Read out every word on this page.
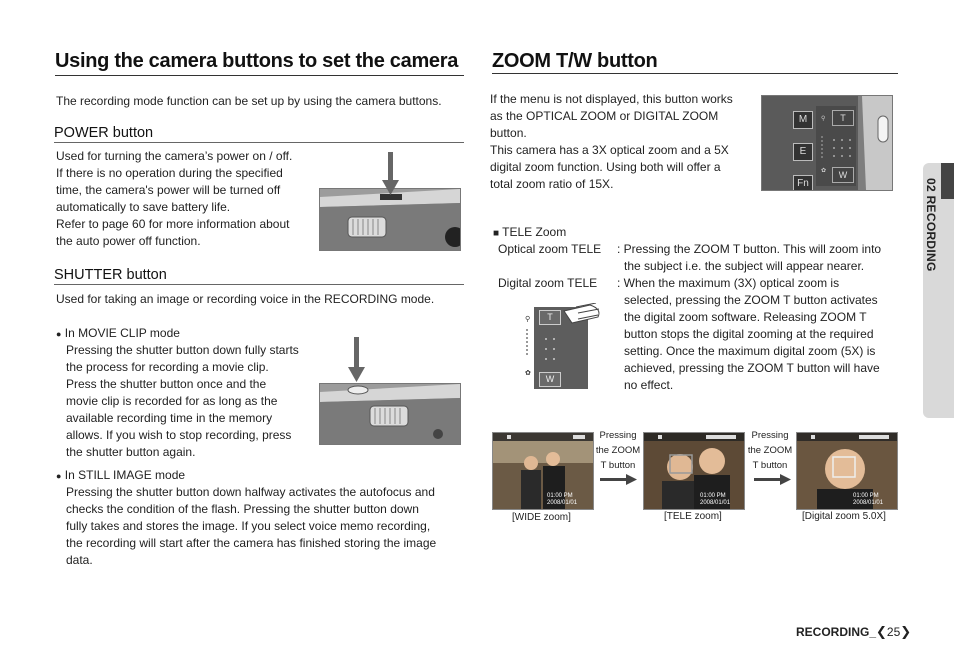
Using the camera buttons to set the camera
The recording mode function can be set up by using the camera buttons.
POWER button
Used for turning the camera’s power on / off.
If there is no operation during the specified
time, the camera's power will be turned off
automatically to save battery life.
Refer to page 60 for more information about
the auto power off function.
SHUTTER button
Used for taking an image or recording voice in the RECORDING mode.
● In MOVIE CLIP mode
Pressing the shutter button down fully starts
the process for recording a movie clip.
Press the shutter button once and the
movie clip is recorded for as long as the
available recording time in the memory
allows. If you wish to stop recording, press
the shutter button again.
● In STILL IMAGE mode
Pressing the shutter button down halfway activates the autofocus and
checks the condition of the flash. Pressing the shutter button down
fully takes and stores the image. If you select voice memo recording,
the recording will start after the camera has finished storing the image
data.
ZOOM T/W button
If the menu is not displayed, this button works
as the OPTICAL ZOOM or DIGITAL ZOOM
button.
This camera has a 3X optical zoom and a 5X
digital zoom function. Using both will offer a
total zoom ratio of 15X.
⚲
✿
M
E
Fn
T
W
■ TELE Zoom
Optical zoom TELE : Pressing the ZOOM T button. This will zoom into
the subject i.e. the subject will appear nearer.
Digital zoom TELE : When the maximum (3X) optical zoom is
selected, pressing the ZOOM T button activates
the digital zoom software. Releasing ZOOM T
button stops the digital zooming at the required
setting. Once the maximum digital zoom (5X) is
achieved, pressing the ZOOM T button will have
no effect.
⚲
✿
T
W
01:00 PM
2008/01/01
Pressing
the ZOOM
T button
01:00 PM
2008/01/01
Pressing
the ZOOM
T button
01:00 PM
2008/01/01
[WIDE zoom]	[TELE zoom]	[Digital zoom 5.0X]
02 RECORDING
RECORDING_❮25❯
